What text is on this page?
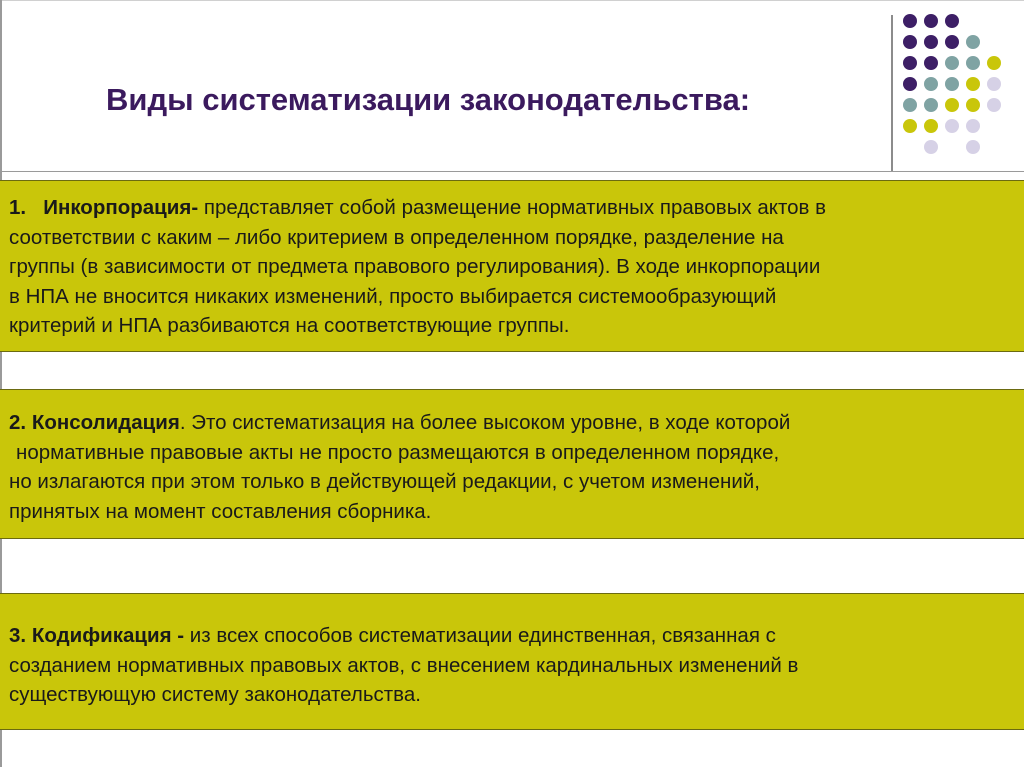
Виды систематизации законодательства:

1. Инкорпорация- представляет собой размещение нормативных правовых актов в

соответствии с каким – либо критерием в определенном порядке, разделение на

группы (в зависимости от предмета правового регулирования). В ходе инкорпорации

в НПА не вносится никаких изменений, просто выбирается системообразующий

критерий и НПА разбиваются на соответствующие группы.

2. Консолидация. Это систематизация на более высоком уровне, в ходе которой

нормативные правовые акты не просто размещаются в определенном порядке,

но излагаются при этом только в действующей редакции, с учетом изменений,

принятых на момент составления сборника.

3. Кодификация - из всех способов систематизации единственная, связанная с

созданием нормативных правовых актов, с внесением кардинальных изменений в

существующую систему законодательства.
